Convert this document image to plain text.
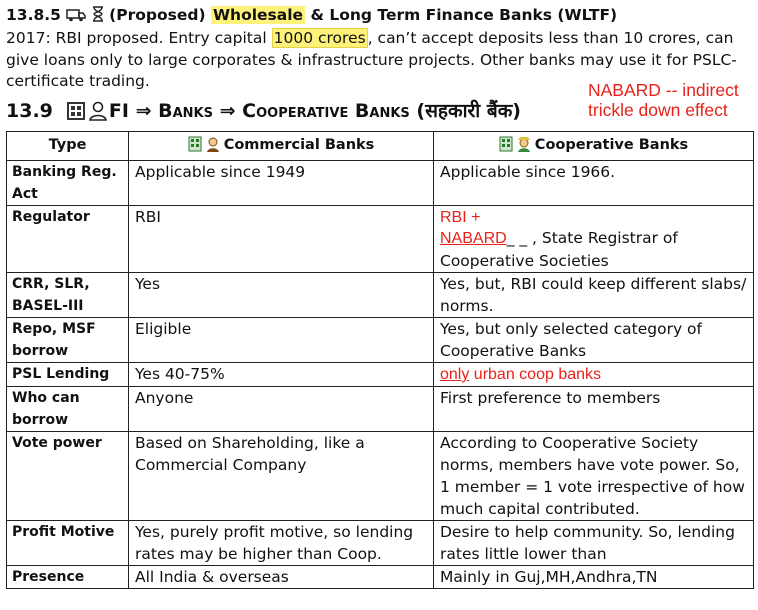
13.8.5	(Proposed) Wholesale & Long Term Finance Banks (WLTF)
2017: RBI proposed. Entry capital 1000 crores , can’t accept deposits less than 10 crores, can give loans only to large corporates & infrastructure projects. Other banks may use it for PSLC-certificate trading.	NABARD -- indirect
trickle down effect
13.9	FI ⇒ Banks ⇒ Cooperative Banks (सहकारी बैंक)
Type	Commercial Banks	Cooperative Banks
Banking Reg. Act	Applicable since 1949	Applicable since 1966.
Regulator	RBI	RBI +
NABARD_ _ , State Registrar of Cooperative Societies

CRR, SLR, BASEL-III	Yes	Yes, but, RBI could keep different slabs/ norms.
Repo, MSF borrow	Eligible	Yes, but only selected category of Cooperative Banks
PSL Lending	Yes 40-75%	only urban coop banks
Who can borrow	Anyone	First preference to members
Vote power	Based on Shareholding, like a Commercial Company	According to Cooperative Society norms, members have vote power. So, 1 member = 1 vote irrespective of how much capital contributed.
Profit Motive	Yes, purely profit motive, so lending rates may be higher than Coop.	Desire to help community. So, lending rates little lower than
Presence	All India & overseas	Mainly in Guj,MH,Andhra,TN
